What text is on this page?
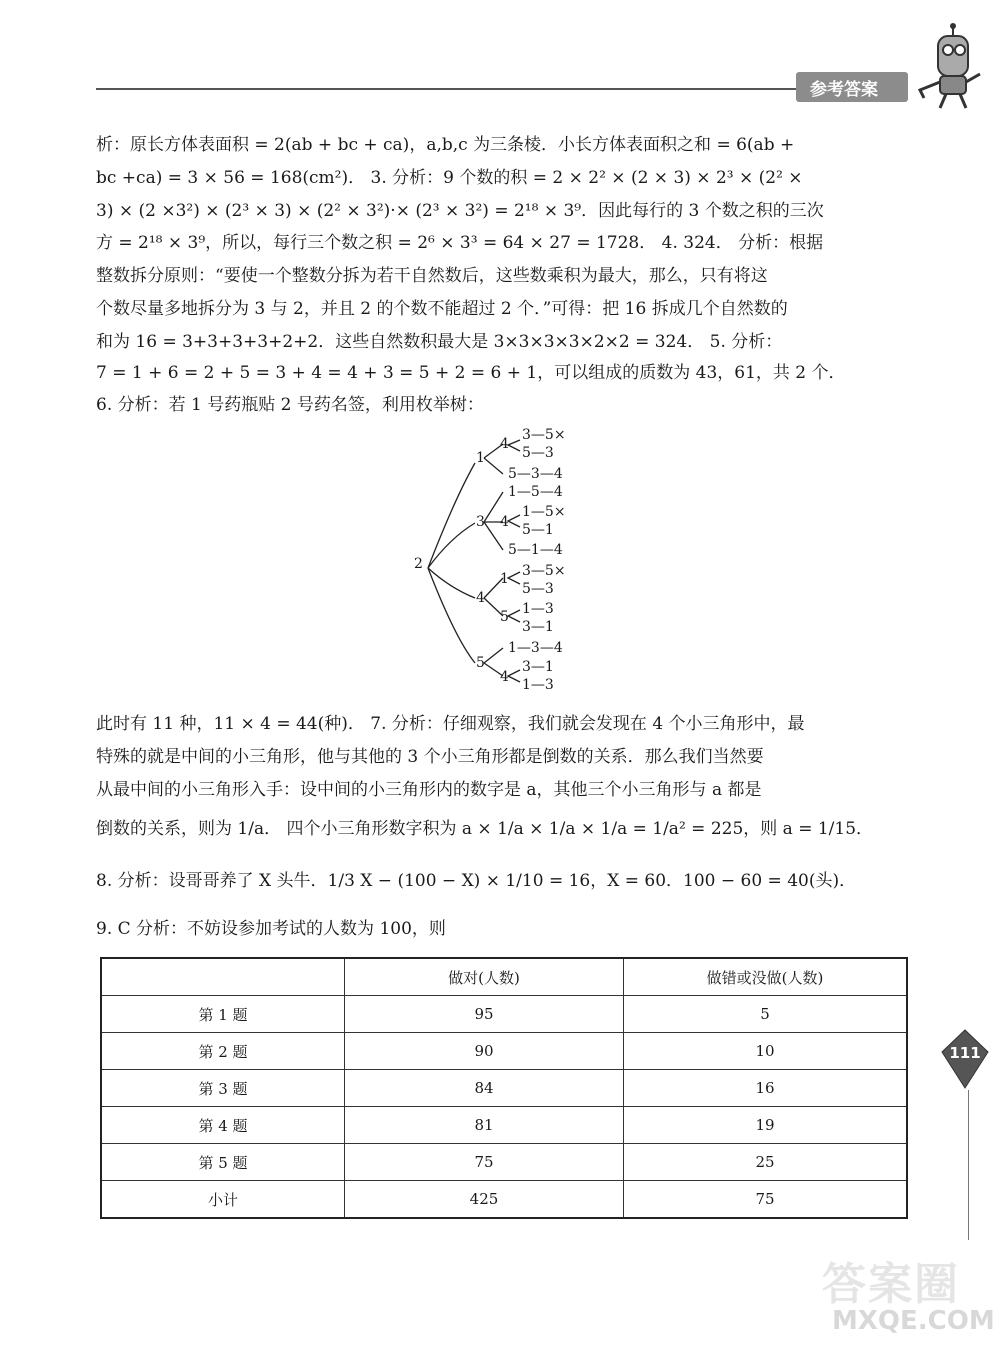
参考答案
析：原长方体表面积 = 2(ab + bc + ca)，a,b,c 为三条棱．小长方体表面积之和 = 6(ab +
bc +ca) = 3 × 56 = 168(cm²)． 3. 分析：9 个数的积 = 2 × 2² × (2 × 3) × 2³ × (2² ×
3) × (2 ×3²) × (2³ × 3) × (2² × 3²)·× (2³ × 3²) = 2¹⁸ × 3⁹．因此每行的 3 个数之积的三次
方 = 2¹⁸ × 3⁹，所以，每行三个数之积 = 2⁶ × 3³ = 64 × 27 = 1728． 4. 324． 分析：根据
整数拆分原则：“要使一个整数分拆为若干自然数后，这些数乘积为最大，那么，只有将这
个数尽量多地拆分为 3 与 2，并且 2 的个数不能超过 2 个．”可得：把 16 拆成几个自然数的
和为 16 = 3+3+3+3+2+2．这些自然数积最大是 3×3×3×3×2×2 = 324． 5. 分析：
7 = 1 + 6 = 2 + 5 = 3 + 4 = 4 + 3 = 5 + 2 = 6 + 1，可以组成的质数为 43，61，共 2 个．
6. 分析：若 1 号药瓶贴 2 号药名签，利用枚举树：
2
1
3
4
5
4
4
1
5
4
3—5×
5—3
5—3—4
1—5—4
1—5×
5—1
5—1—4
3—5×
5—3
1—3
3—1
1—3—4
3—1
1—3
此时有 11 种，11 × 4 = 44(种)． 7. 分析：仔细观察，我们就会发现在 4 个小三角形中，最
特殊的就是中间的小三角形，他与其他的 3 个小三角形都是倒数的关系．那么我们当然要
从最中间的小三角形入手：设中间的小三角形内的数字是 a，其他三个小三角形与 a 都是
倒数的关系，则为 1/a． 四个小三角形数字积为 a × 1/a × 1/a × 1/a = 1/a² = 225，则 a = 1/15．
8. 分析：设哥哥养了 X 头牛．1/3 X − (100 − X) × 1/10 = 16，X = 60．100 − 60 = 40(头)．
9. C 分析：不妨设参加考试的人数为 100，则
	做对(人数)	做错或没做(人数)
第 1 题	95	5
第 2 题	90	10
第 3 题	84	16
第 4 题	81	19
第 5 题	75	25
小计	425	75
111
答案圈
MXQE.COM
